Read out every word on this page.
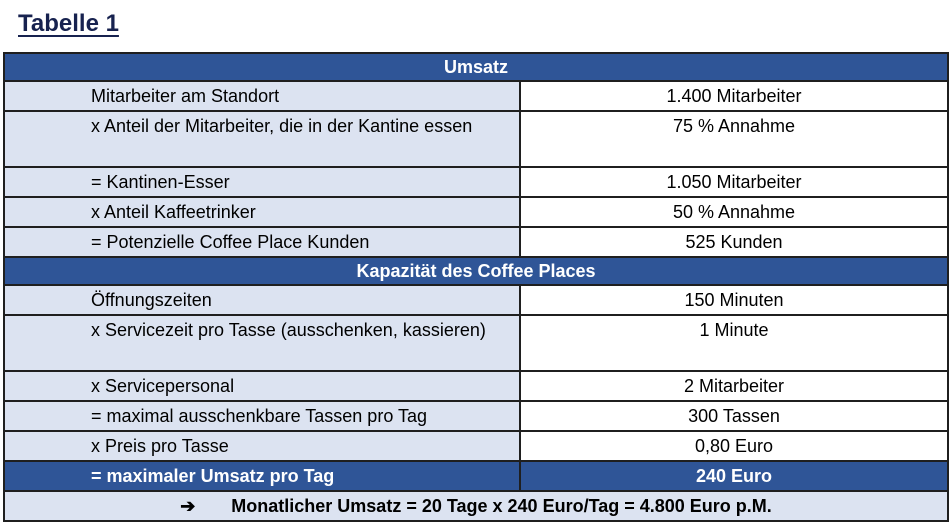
Tabelle 1
Umsatz	
Mitarbeiter am Standort	1.400 Mitarbeiter
x Anteil der Mitarbeiter, die in der Kantine essen	75 % Annahme
= Kantinen-Esser	1.050 Mitarbeiter
x Anteil Kaffeetrinker	50 % Annahme
= Potenzielle Coffee Place Kunden	525 Kunden
Kapazität des Coffee Places	
Öffnungszeiten	150 Minuten
x Servicezeit pro Tasse (ausschenken, kassieren)	1 Minute
x Servicepersonal	2 Mitarbeiter
= maximal ausschenkbare Tassen pro Tag	300 Tassen
x Preis pro Tasse	0,80 Euro
= maximaler Umsatz pro Tag	240 Euro
➔ Monatlicher Umsatz = 20 Tage x 240 Euro/Tag = 4.800 Euro p.M.	
